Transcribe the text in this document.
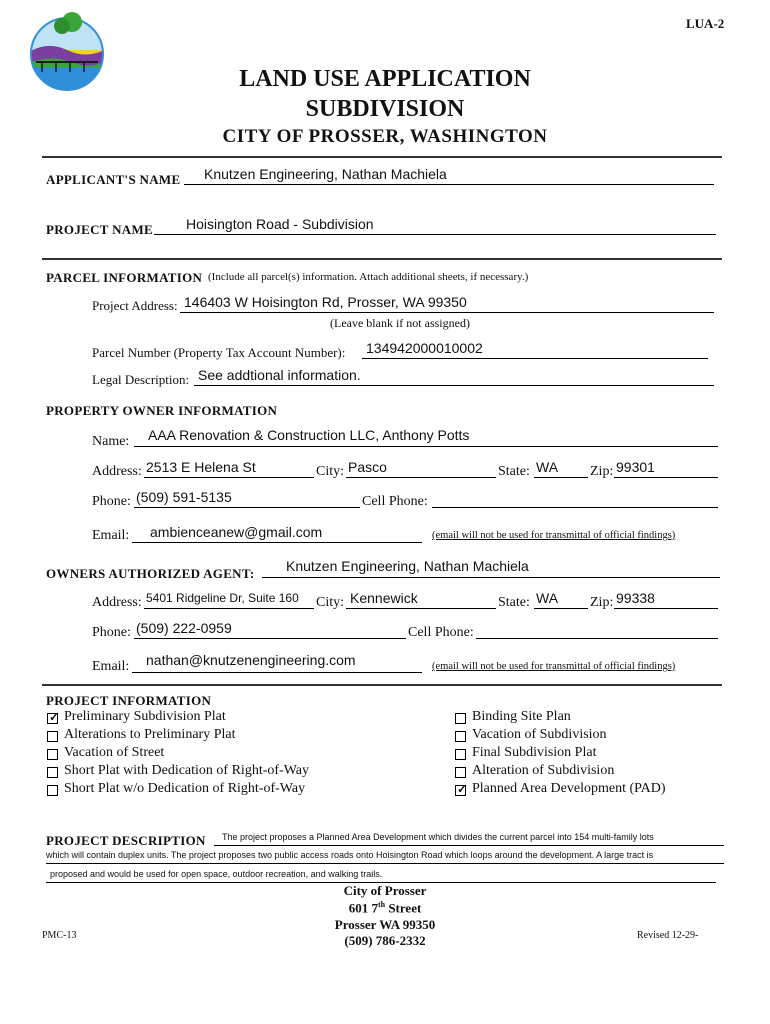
LUA-2
LAND USE APPLICATION
SUBDIVISION
CITY OF PROSSER, WASHINGTON
APPLICANT'S NAME Knutzen Engineering, Nathan Machiela
PROJECT NAME Hoisington Road - Subdivision
PARCEL INFORMATION (Include all parcel(s) information. Attach additional sheets, if necessary.)
Project Address: 146403 W Hoisington Rd, Prosser, WA 99350
(Leave blank if not assigned)
Parcel Number (Property Tax Account Number): 134942000010002
Legal Description: See addtional information.
PROPERTY OWNER INFORMATION
Name: AAA Renovation & Construction LLC, Anthony Potts
Address: 2513 E Helena St	City: Pasco	State: WA Zip: 99301
Phone: (509) 591-5135	Cell Phone:
Email: ambienceanew@gmail.com	(email will not be used for transmittal of official findings)
OWNERS AUTHORIZED AGENT: Knutzen Engineering, Nathan Machiela
Address: 5401 Ridgeline Dr, Suite 160 City: Kennewick	State: WA Zip: 99338
Phone: (509) 222-0959	Cell Phone:
Email: nathan@knutzenengineering.com	(email will not be used for transmittal of official findings)
PROJECT INFORMATION
✓ Preliminary Subdivision Plat
Alterations to Preliminary Plat
Vacation of Street
Short Plat with Dedication of Right-of-Way
Short Plat w/o Dedication of Right-of-Way
Binding Site Plan
Vacation of Subdivision
Final Subdivision Plat
Alteration of Subdivision
✓ Planned Area Development (PAD)
PROJECT DESCRIPTION The project proposes a Planned Area Development which divides the current parcel into 154 multi-family lots
which will contain duplex units. The project proposes two public access roads onto Hoisington Road which loops around the development. A large tract is
proposed and would be used for open space, outdoor recreation, and walking trails.
City of Prosser
601 7th Street
Prosser WA 99350
(509) 786-2332
PMC-13	Revised 12-29-
